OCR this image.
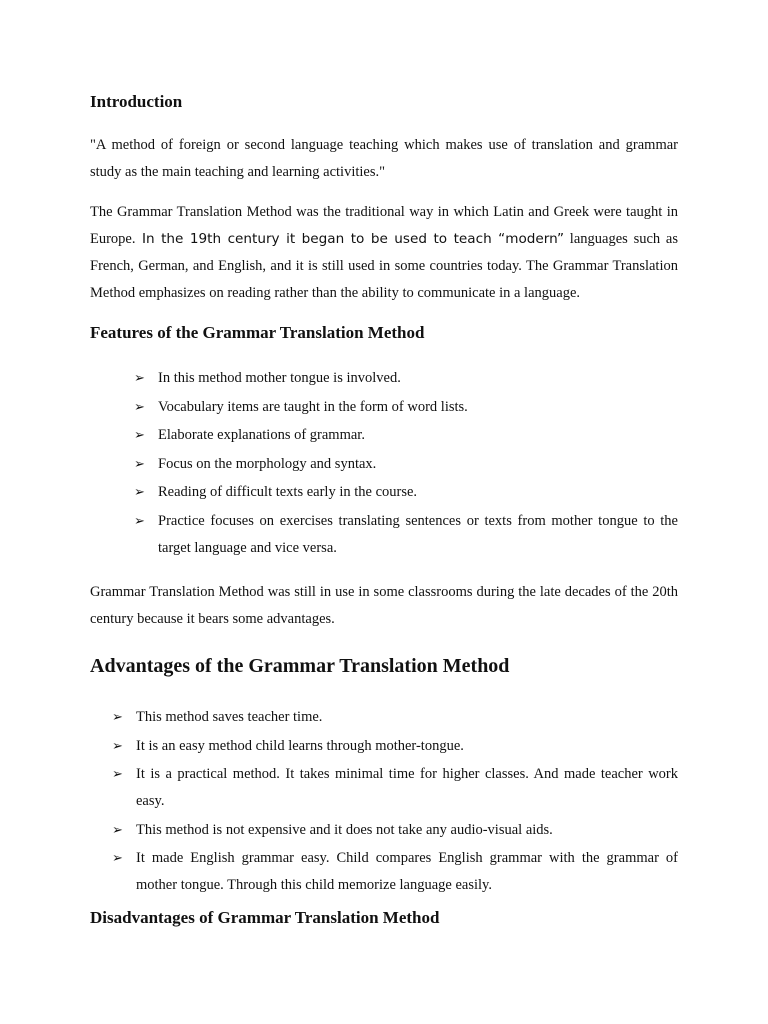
Introduction

"A method of foreign or second language teaching which makes use of translation and grammar study as the main teaching and learning activities."

The Grammar Translation Method was the traditional way in which Latin and Greek were taught in Europe. In the 19th century it began to be used to teach “modern” languages such as French, German, and English, and it is still used in some countries today. The Grammar Translation Method emphasizes on reading rather than the ability to communicate in a language.

Features of the Grammar Translation Method
➢ In this method mother tongue is involved.
➢ Vocabulary items are taught in the form of word lists.
➢ Elaborate explanations of grammar.
➢ Focus on the morphology and syntax.
➢ Reading of difficult texts early in the course.
➢ Practice focuses on exercises translating sentences or texts from mother tongue to the target language and vice versa.

Grammar Translation Method was still in use in some classrooms during the late decades of the 20th century because it bears some advantages.

Advantages of the Grammar Translation Method
➢ This method saves teacher time.
➢ It is an easy method child learns through mother-tongue.
➢ It is a practical method. It takes minimal time for higher classes. And made teacher work easy.
➢ This method is not expensive and it does not take any audio-visual aids.
➢ It made English grammar easy. Child compares English grammar with the grammar of mother tongue. Through this child memorize language easily.
Disadvantages of Grammar Translation Method
